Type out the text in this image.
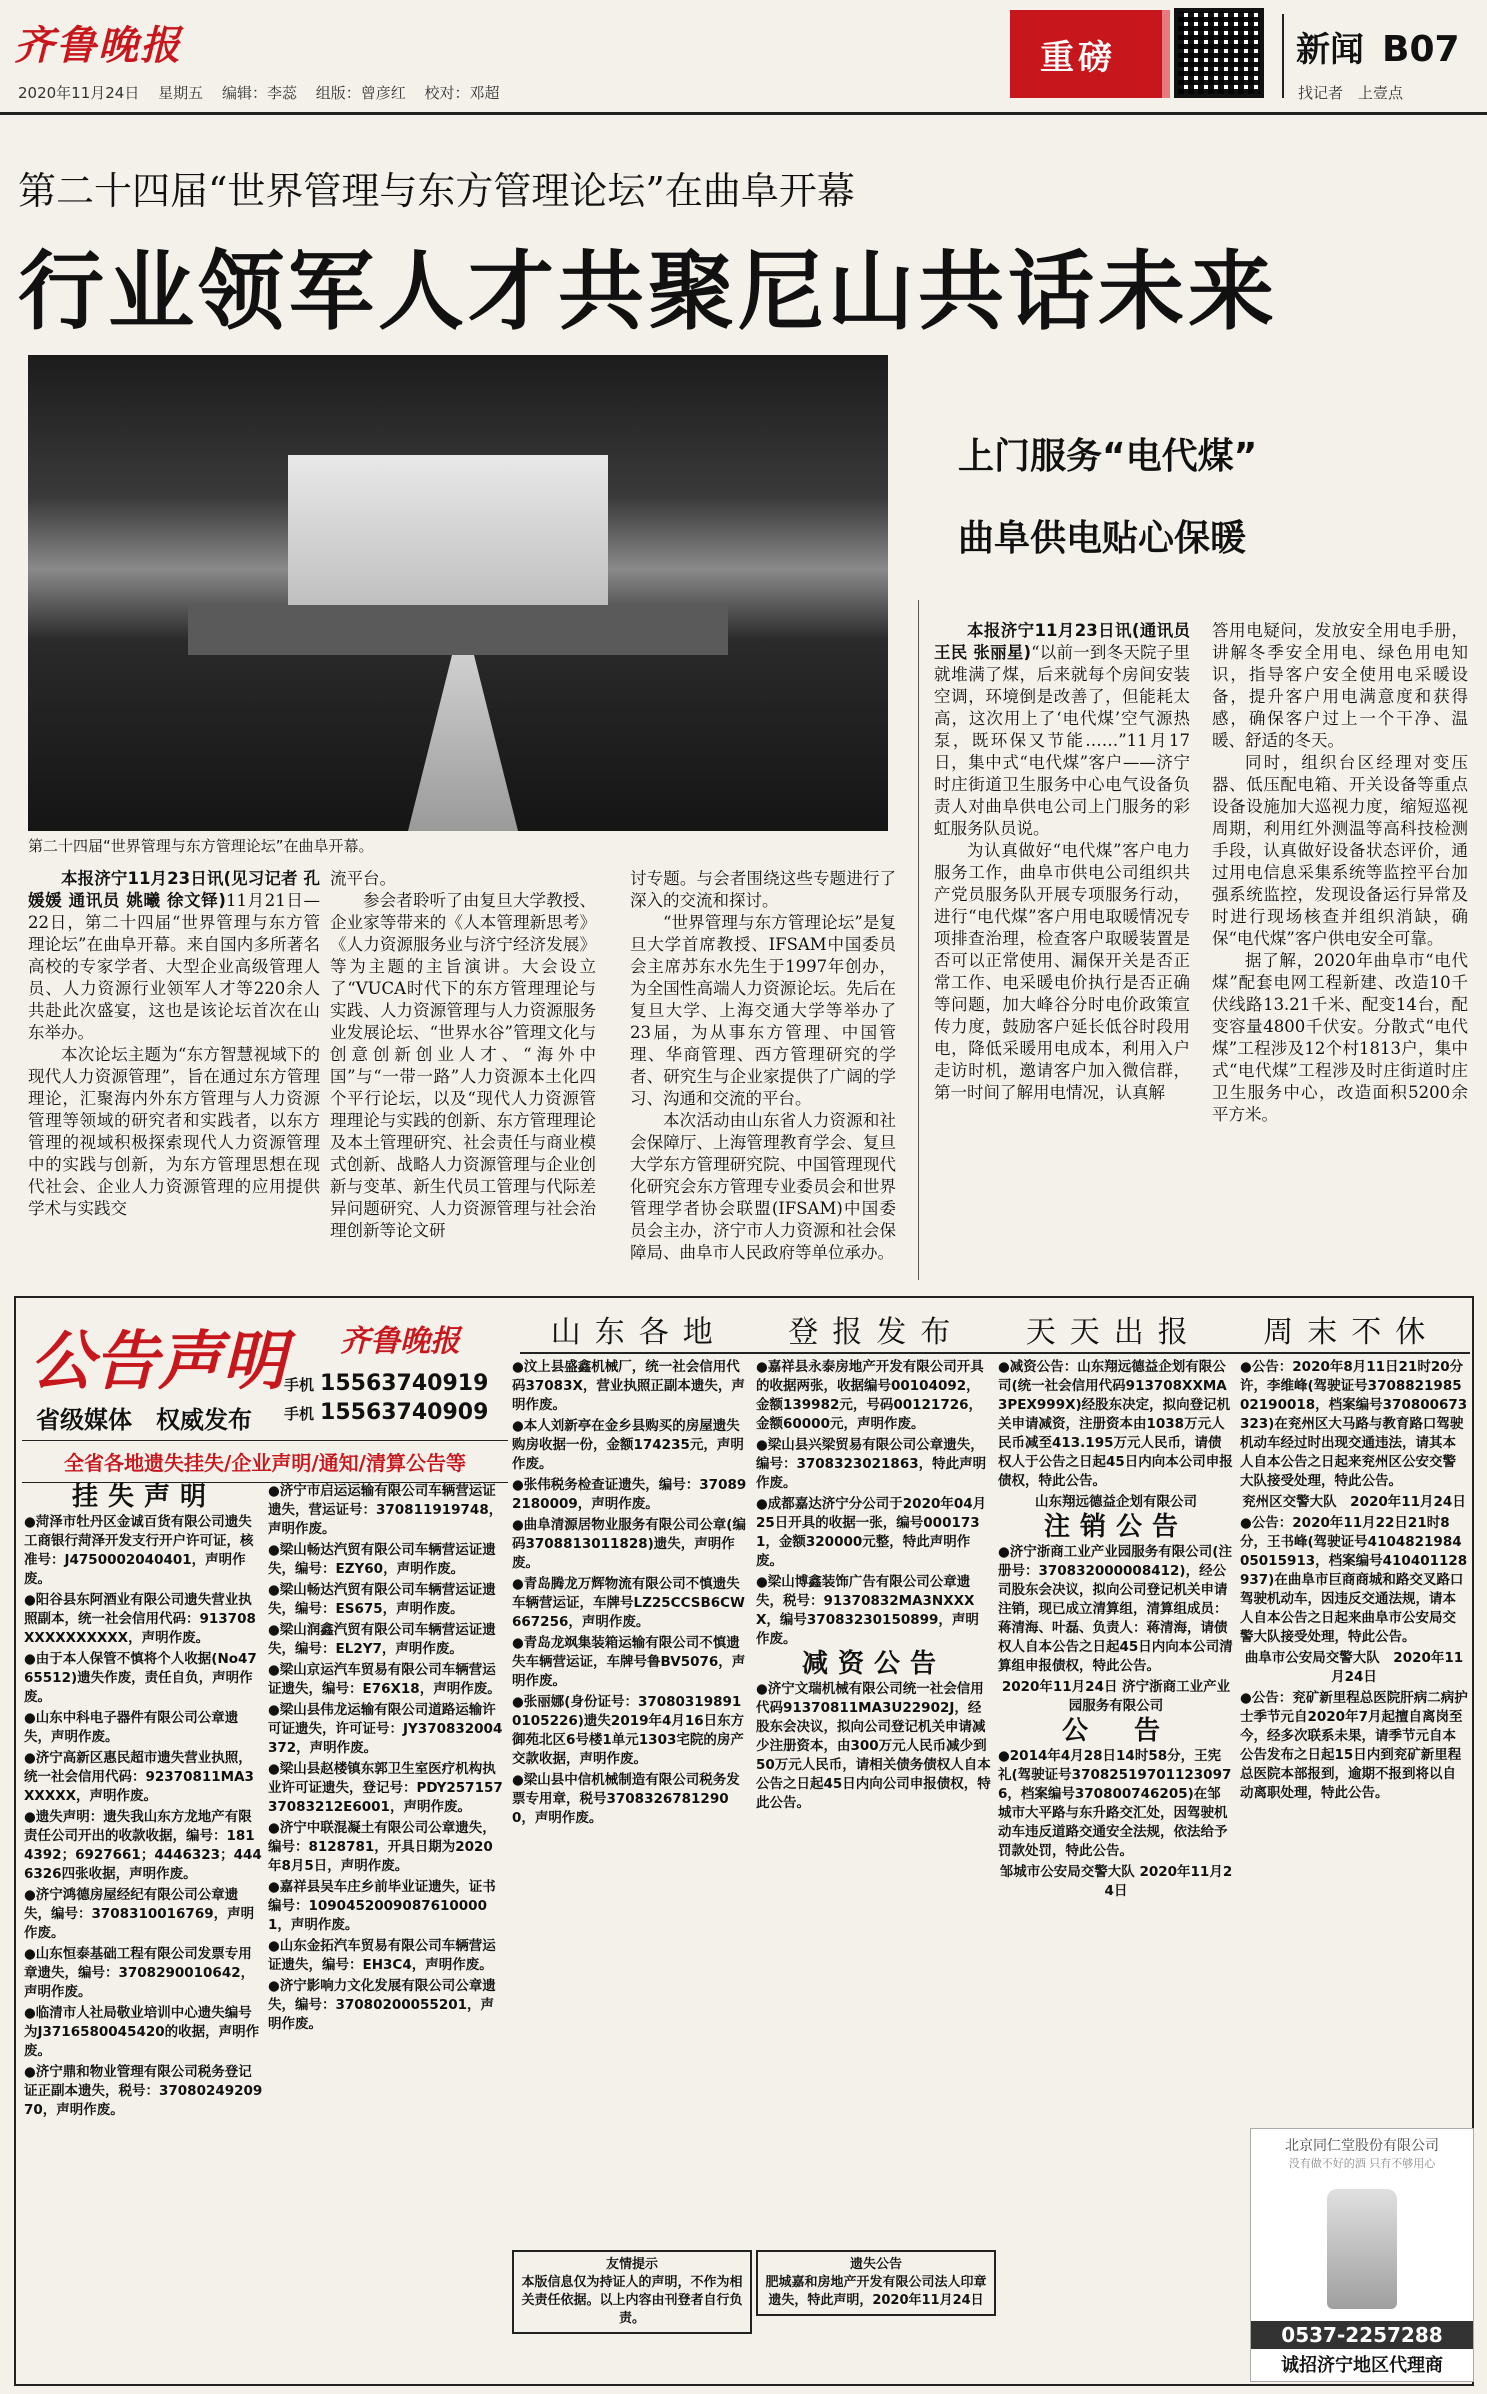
齐鲁晚报
2020年11月24日 星期五 编辑：李蕊 组版：曾彦红 校对：邓超
重磅	新闻 B07
找记者　上壹点
第二十四届“世界管理与东方管理论坛”在曲阜开幕
行业领军人才共聚尼山共话未来
第二十四届“世界管理与东方管理论坛”在曲阜开幕。

本报济宁11月23日讯(见习记者 孔媛媛 通讯员 姚曦 徐文铎)11月21日—22日，第二十四届“世界管理与东方管理论坛”在曲阜开幕。来自国内多所著名高校的专家学者、大型企业高级管理人员、人力资源行业领军人才等220余人共赴此次盛宴，这也是该论坛首次在山东举办。

本次论坛主题为“东方智慧视域下的现代人力资源管理”，旨在通过东方管理理论，汇聚海内外东方管理与人力资源管理等领域的研究者和实践者，以东方管理的视域积极探索现代人力资源管理中的实践与创新，为东方管理思想在现代社会、企业人力资源管理的应用提供学术与实践交

流平台。

参会者聆听了由复旦大学教授、企业家等带来的《人本管理新思考》《人力资源服务业与济宁经济发展》等为主题的主旨演讲。大会设立了“VUCA时代下的东方管理理论与实践、人力资源管理与人力资源服务业发展论坛、“世界水谷”管理文化与创意创新创业人才、“海外中国”与“一带一路”人力资源本土化四个平行论坛，以及“现代人力资源管理理论与实践的创新、东方管理理论及本土管理研究、社会责任与商业模式创新、战略人力资源管理与企业创新与变革、新生代员工管理与代际差异问题研究、人力资源管理与社会治理创新等论文研

讨专题。与会者围绕这些专题进行了深入的交流和探讨。

“世界管理与东方管理论坛”是复旦大学首席教授、IFSAM中国委员会主席苏东水先生于1997年创办，为全国性高端人力资源论坛。先后在复旦大学、上海交通大学等举办了23届，为从事东方管理、中国管理、华商管理、西方管理研究的学者、研究生与企业家提供了广阔的学习、沟通和交流的平台。

本次活动由山东省人力资源和社会保障厅、上海管理教育学会、复旦大学东方管理研究院、中国管理现代化研究会东方管理专业委员会和世界管理学者协会联盟(IFSAM)中国委员会主办，济宁市人力资源和社会保障局、曲阜市人民政府等单位承办。

上门服务“电代煤”
曲阜供电贴心保暖

本报济宁11月23日讯(通讯员 王民 张丽星)“以前一到冬天院子里就堆满了煤，后来就每个房间安装空调，环境倒是改善了，但能耗太高，这次用上了‘电代煤’空气源热泵，既环保又节能……”11月17日，集中式“电代煤”客户——济宁时庄街道卫生服务中心电气设备负责人对曲阜供电公司上门服务的彩虹服务队员说。

为认真做好“电代煤”客户电力服务工作，曲阜市供电公司组织共产党员服务队开展专项服务行动，进行“电代煤”客户用电取暖情况专项排查治理，检查客户取暖装置是否可以正常使用、漏保开关是否正常工作、电采暖电价执行是否正确等问题，加大峰谷分时电价政策宣传力度，鼓励客户延长低谷时段用电，降低采暖用电成本，利用入户走访时机，邀请客户加入微信群，第一时间了解用电情况，认真解

答用电疑问，发放安全用电手册，讲解冬季安全用电、绿色用电知识，指导客户安全使用电采暖设备，提升客户用电满意度和获得感，确保客户过上一个干净、温暖、舒适的冬天。

同时，组织台区经理对变压器、低压配电箱、开关设备等重点设备设施加大巡视力度，缩短巡视周期，利用红外测温等高科技检测手段，认真做好设备状态评价，通过用电信息采集系统等监控平台加强系统监控，发现设备运行异常及时进行现场核查并组织消缺，确保“电代煤”客户供电安全可靠。

据了解，2020年曲阜市“电代煤”配套电网工程新建、改造10千伏线路13.21千米、配变14台，配变容量4800千伏安。分散式“电代煤”工程涉及12个村1813户，集中式“电代煤”工程涉及时庄街道时庄卫生服务中心，改造面积5200余平方米。

公告声明 齐鲁晚报
手机 15563740919
手机 15563740909
省级媒体　权威发布
全省各地遗失挂失/企业声明/通知/清算公告等
山东各地 登报发布 天天出报 周末不休
挂失声明

●菏泽市牡丹区金诚百货有限公司遗失工商银行菏泽开发支行开户许可证，核准号：J4750002040401，声明作废。

●阳谷县东阿酒业有限公司遗失营业执照副本，统一社会信用代码：913708XXXXXXXXXX，声明作废。

●由于本人保管不慎将个人收据(No4765512)遗失作废，责任自负，声明作废。

●山东中科电子器件有限公司公章遗失，声明作废。

●济宁高新区惠民超市遗失营业执照，统一社会信用代码：92370811MA3XXXXX，声明作废。

●遗失声明：遗失我山东方龙地产有限责任公司开出的收款收据，编号：1814392；6927661；4446323；4446326四张收据，声明作废。

●济宁鸿德房屋经纪有限公司公章遗失，编号：3708310016769，声明作废。

●山东恒泰基础工程有限公司发票专用章遗失，编号：3708290010642，声明作废。

●临清市人社局敬业培训中心遗失编号为J3716580045420的收据，声明作废。

●济宁鼎和物业管理有限公司税务登记证正副本遗失，税号：3708024920970，声明作废。

●济宁市启运运输有限公司车辆营运证遗失，营运证号：370811919748，声明作废。

●梁山畅达汽贸有限公司车辆营运证遗失，编号：EZY60，声明作废。

●梁山畅达汽贸有限公司车辆营运证遗失，编号：ES675，声明作废。

●梁山润鑫汽贸有限公司车辆营运证遗失，编号：EL2Y7，声明作废。

●梁山京运汽车贸易有限公司车辆营运证遗失，编号：E76X18，声明作废。

●梁山县伟龙运输有限公司道路运输许可证遗失，许可证号：JY370832004372，声明作废。

●梁山县赵楼镇东郭卫生室医疗机构执业许可证遗失，登记号：PDY25715737083212E6001，声明作废。

●济宁中联混凝土有限公司公章遗失，编号：8128781，开具日期为2020年8月5日，声明作废。

●嘉祥县吴车庄乡前毕业证遗失，证书编号：10904520090876100001，声明作废。

●山东金拓汽车贸易有限公司车辆营运证遗失，编号：EH3C4，声明作废。

●济宁影响力文化发展有限公司公章遗失，编号：37080200055201，声明作废。

●汶上县盛鑫机械厂，统一社会信用代码37083X，营业执照正副本遗失，声明作废。

●本人刘新亭在金乡县购买的房屋遗失购房收据一份，金额174235元，声明作废。

●张伟税务检查证遗失，编号：370892180009，声明作废。

●曲阜清源居物业服务有限公司公章(编码3708813011828)遗失，声明作废。

●青岛腾龙万辉物流有限公司不慎遗失车辆营运证，车牌号LZ25CCSB6CW667256，声明作废。

●青岛龙飒集装箱运输有限公司不慎遗失车辆营运证，车牌号鲁BV5076，声明作废。

●张丽娜(身份证号：370803198910105226)遗失2019年4月16日东方御苑北区6号楼1单元1303宅院的房产交款收据，声明作废。

●梁山县中信机械制造有限公司税务发票专用章，税号37083267812900，声明作废。

●嘉祥县永泰房地产开发有限公司开具的收据两张，收据编号00104092，金额139982元，号码00121726，金额60000元，声明作废。

●梁山县兴梁贸易有限公司公章遗失，编号：3708323021863，特此声明作废。

●成都嘉达济宁分公司于2020年04月25日开具的收据一张，编号0001731，金额320000元整，特此声明作废。

●梁山博鑫装饰广告有限公司公章遗失，税号：91370832MA3NXXXX，编号37083230150899，声明作废。

减资公告

●济宁文瑞机械有限公司统一社会信用代码91370811MA3U22902J，经股东会决议，拟向公司登记机关申请减少注册资本，由300万元人民币减少到50万元人民币，请相关债务债权人自本公告之日起45日内向公司申报债权，特此公告。

●减资公告：山东翔远德益企划有限公司(统一社会信用代码913708XXMA3PEX999X)经股东决定，拟向登记机关申请减资，注册资本由1038万元人民币减至413.195万元人民币，请债权人于公告之日起45日内向本公司申报债权，特此公告。

山东翔远德益企划有限公司

注销公告

●济宁浙商工业产业园服务有限公司(注册号：370832000008412)，经公司股东会决议，拟向公司登记机关申请注销，现已成立清算组，清算组成员：蒋清海、叶磊、负责人：蒋清海，请债权人自本公告之日起45日内向本公司清算组申报债权，特此公告。

2020年11月24日 济宁浙商工业产业园服务有限公司

公　告

●2014年4月28日14时58分，王宪礼(驾驶证号370825197011230976，档案编号370800746205)在邹城市大平路与东升路交汇处，因驾驶机动车违反道路交通安全法规，依法给予罚款处罚，特此公告。

邹城市公安局交警大队 2020年11月24日

●公告：2020年8月11日21时20分许，李维峰(驾驶证号370882198502190018，档案编号370800673323)在兖州区大马路与教育路口驾驶机动车经过时出现交通违法，请其本人自本公告之日起来兖州区公安交警大队接受处理，特此公告。

兖州区交警大队　2020年11月24日

●公告：2020年11月22日21时8分，王书峰(驾驶证号410482198405015913，档案编号410401128937)在曲阜市巨商商城和路交叉路口驾驶机动车，因违反交通法规，请本人自本公告之日起来曲阜市公安局交警大队接受处理，特此公告。

曲阜市公安局交警大队　2020年11月24日

●公告：兖矿新里程总医院肝病二病护士季节元自2020年7月起擅自离岗至今，经多次联系未果，请季节元自本公告发布之日起15日内到兖矿新里程总医院本部报到，逾期不报到将以自动离职处理，特此公告。

友情提示
本版信息仅为持证人的声明，不作为相关责任依据。以上内容由刊登者自行负责。
遗失公告
肥城嘉和房地产开发有限公司法人印章遗失，特此声明，2020年11月24日
北京同仁堂股份有限公司
没有做不好的酒 只有不够用心
0537-2257288
诚招济宁地区代理商
